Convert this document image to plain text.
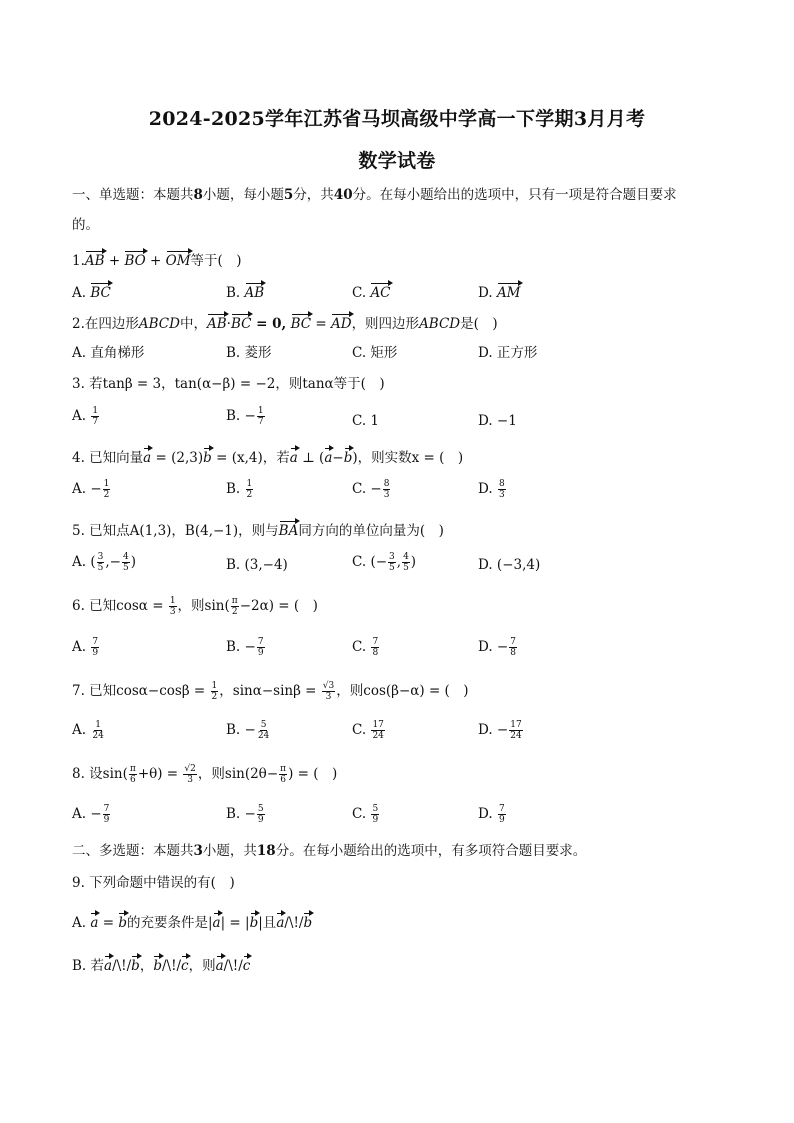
2024-2025学年江苏省马坝高级中学高一下学期3月月考
数学试卷
一、单选题：本题共8小题，每小题5分，共40分。在每小题给出的选项中，只有一项是符合题目要求
的。
1.AB + BO + OM等于(　)
A. BC	B. AB	C. AC	D. AM
2.在四边形ABCD中，AB·BC = 0, BC = AD，则四边形ABCD是(　)
A. 直角梯形	B. 菱形	C. 矩形	D. 正方形
3. 若tanβ = 3，tan(α−β) = −2，则tanα等于(　)
A. $\frac{1}{7}$	B. − $\frac{1}{7}$	C. 1	D. −1
4. 已知向量a = (2,3)b = (x,4)，若a ⊥ (a−b)，则实数x = (　)
A. − $\frac{1}{2}$	B. $\frac{1}{2}$	C. − $\frac{8}{3}$	D. $\frac{8}{3}$
5. 已知点A(1,3)，B(4,−1)，则与BA同方向的单位向量为(　)
A. ( $\frac{3}{5}$ ,− $\frac{4}{5}$ )	B. (3,−4)	C. (− $\frac{3}{5}$ , $\frac{4}{5}$ )	D. (−3,4)
6. 已知$\cos\alpha = \frac{1}{3}$ ，则$\sin( \frac{\pi}{2} -2\alpha)$ = (　)
A. $\frac{7}{9}$	B. − $\frac{7}{9}$	C. $\frac{7}{8}$	D. − $\frac{7}{8}$
7. 已知$\cos\alpha-\cos\beta = \frac{1}{2}$ ，$\sin\alpha-\sin\beta = \frac{√3}{3}$ ，则cos(β−α) = (　)
A. $\frac{1}{24}$	B. − $\frac{5}{24}$	C. $\frac{17}{24}$	D. − $\frac{17}{24}$
8. 设$\sin( \frac{\pi}{6} +\theta) = \frac{√2}{3}$ ，则$\sin(2\theta- \frac{\pi}{6}$ ) = (　)
A. − $\frac{7}{9}$	B. − $\frac{5}{9}$	C. $\frac{5}{9}$	D. $\frac{7}{9}$
二、多选题：本题共3小题，共18分。在每小题给出的选项中，有多项符合题目要求。
9. 下列命题中错误的有(　)
A. a = b的充要条件是|a| = |b|且a/\!/b
B. 若a/\!/b，b/\!/c，则a/\!/c
